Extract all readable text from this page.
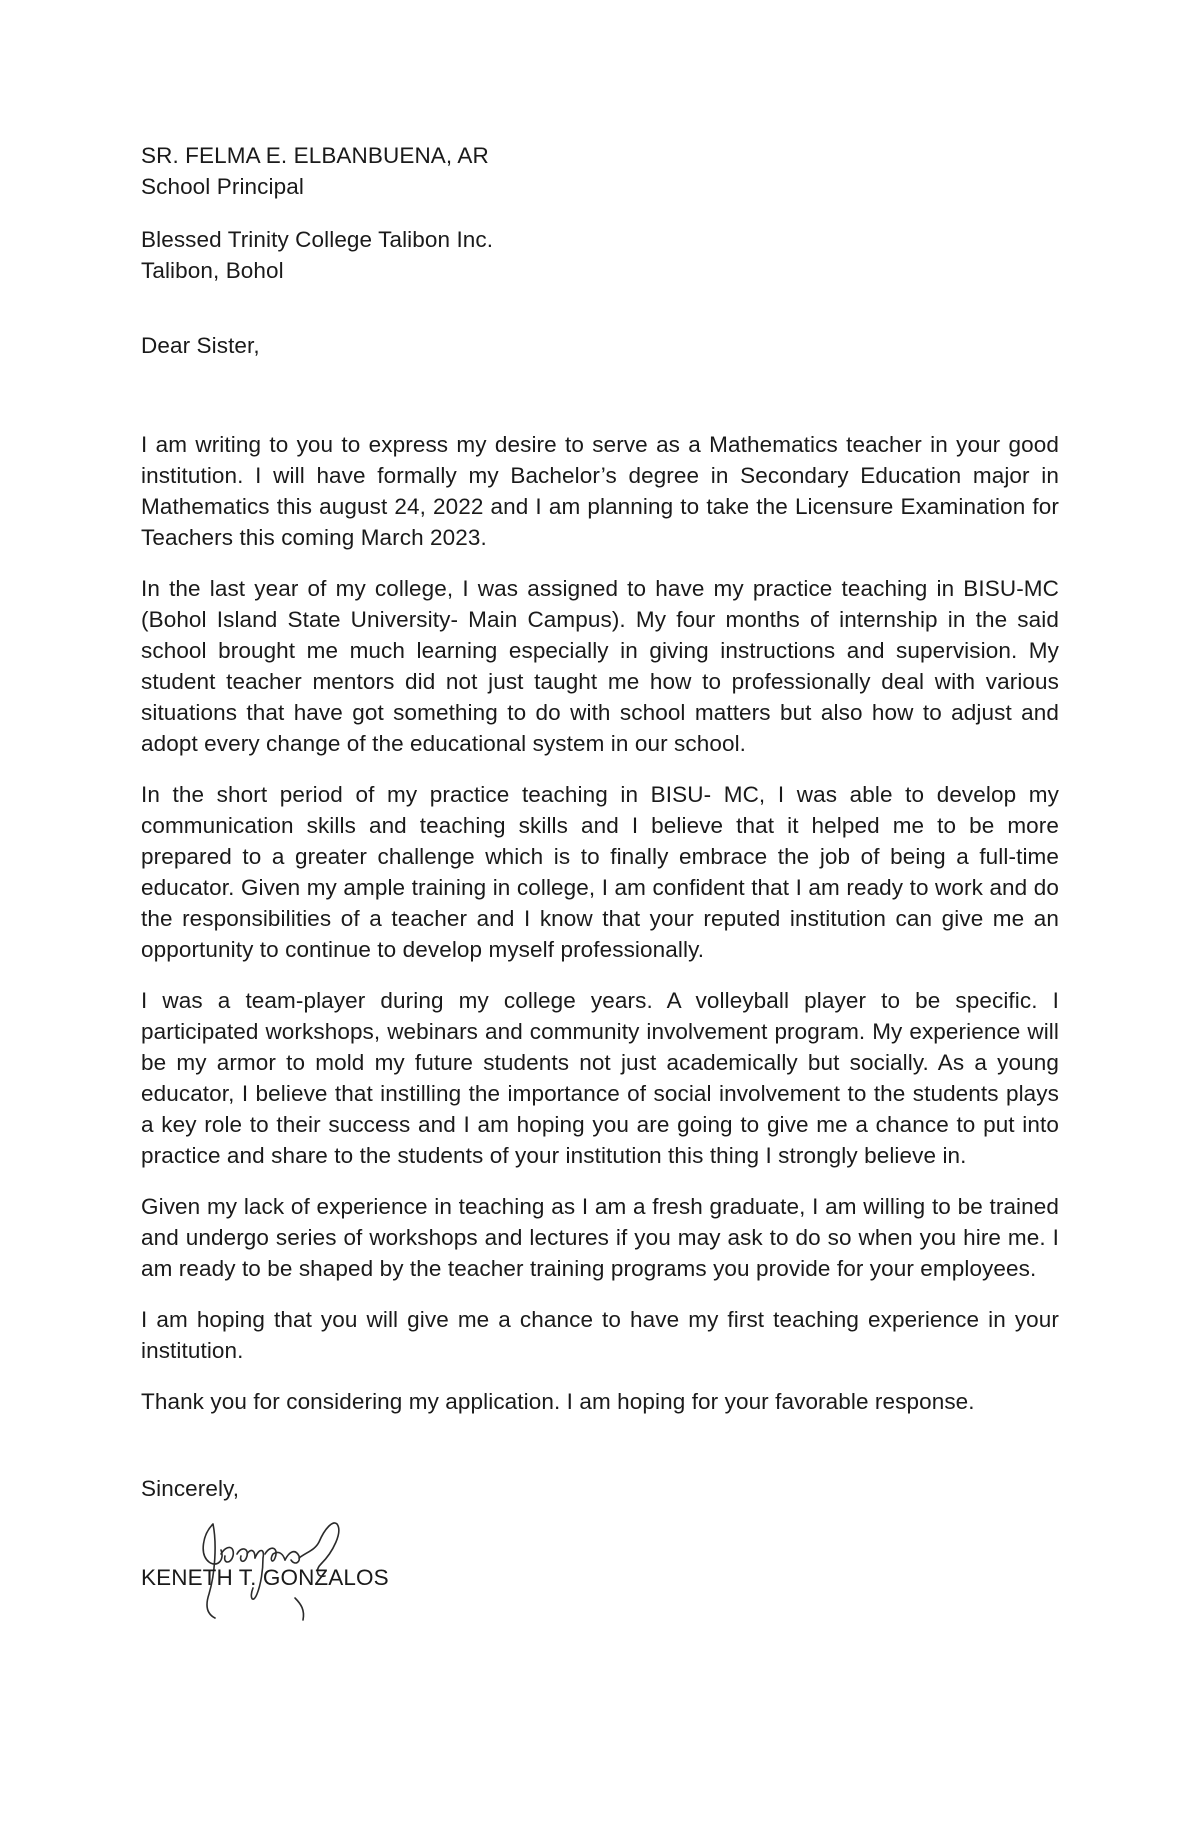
SR. FELMA E. ELBANBUENA, AR
School Principal
Blessed Trinity College Talibon Inc.
Talibon, Bohol
Dear Sister,

I am writing to you to express my desire to serve as a Mathematics teacher in your good institution. I will have formally my Bachelor’s degree in Secondary Education major in Mathematics this august 24, 2022 and I am planning to take the Licensure Examination for Teachers this coming March 2023.

In the last year of my college, I was assigned to have my practice teaching in BISU-MC (Bohol Island State University- Main Campus). My four months of internship in the said school brought me much learning especially in giving instructions and supervision. My student teacher mentors did not just taught me how to professionally deal with various situations that have got something to do with school matters but also how to adjust and adopt every change of the educational system in our school.

In the short period of my practice teaching in BISU- MC, I was able to develop my communication skills and teaching skills and I believe that it helped me to be more prepared to a greater challenge which is to finally embrace the job of being a full-time educator. Given my ample training in college, I am confident that I am ready to work and do the responsibilities of a teacher and I know that your reputed institution can give me an opportunity to continue to develop myself professionally.

I was a team-player during my college years. A volleyball player to be specific. I participated workshops, webinars and community involvement program. My experience will be my armor to mold my future students not just academically but socially. As a young educator, I believe that instilling the importance of social involvement to the students plays a key role to their success and I am hoping you are going to give me a chance to put into practice and share to the students of your institution this thing I strongly believe in.

Given my lack of experience in teaching as I am a fresh graduate, I am willing to be trained and undergo series of workshops and lectures if you may ask to do so when you hire me. I am ready to be shaped by the teacher training programs you provide for your employees.

I am hoping that you will give me a chance to have my first teaching experience in your institution.

Thank you for considering my application. I am hoping for your favorable response.

Sincerely,
KENETH T. GONZALOS
